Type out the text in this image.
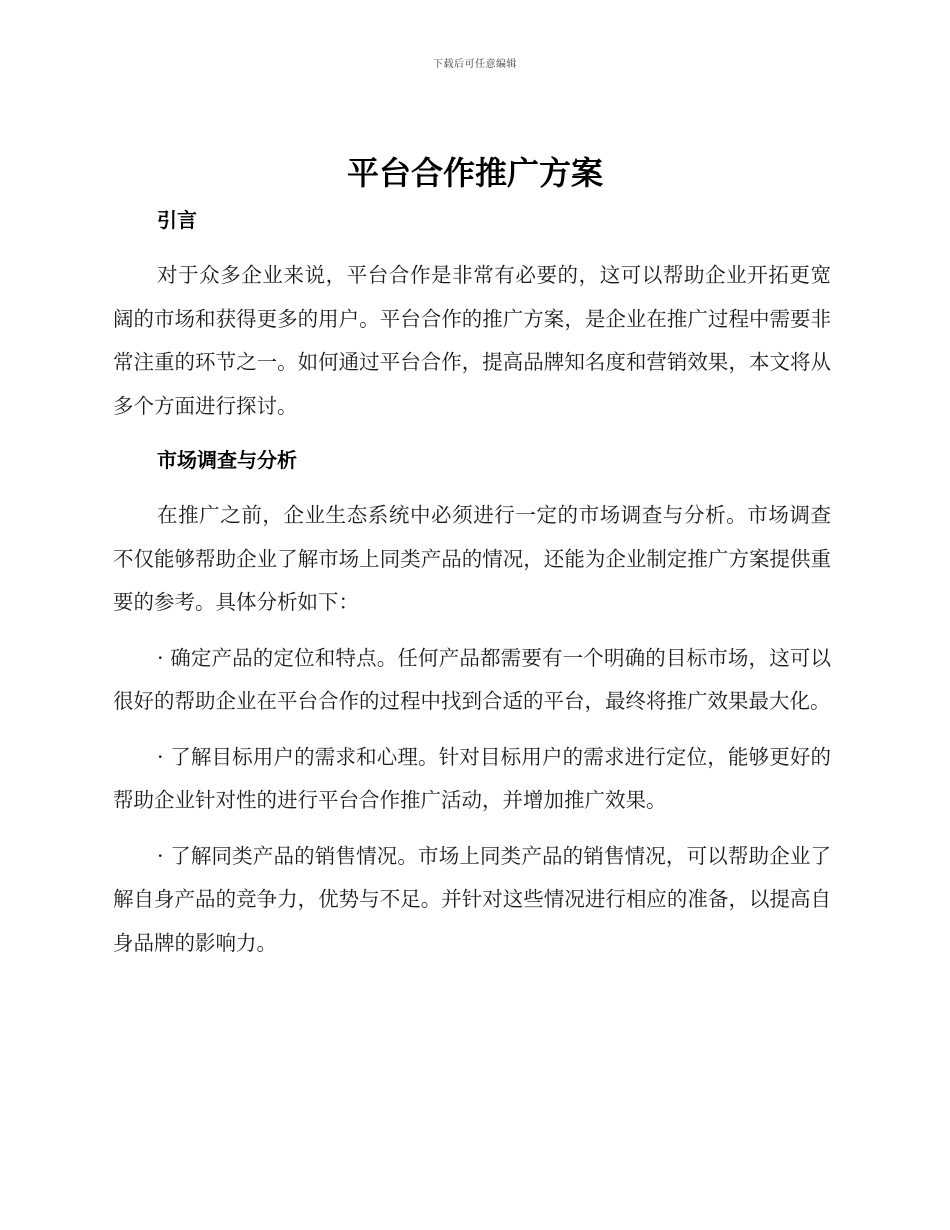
下载后可任意编辑
平台合作推广方案
引言

对于众多企业来说，平台合作是非常有必要的，这可以帮助企业开拓更宽阔的市场和获得更多的用户。平台合作的推广方案，是企业在推广过程中需要非常注重的环节之一。如何通过平台合作，提高品牌知名度和营销效果，本文将从多个方面进行探讨。

市场调查与分析

在推广之前，企业生态系统中必须进行一定的市场调查与分析。市场调查不仅能够帮助企业了解市场上同类产品的情况，还能为企业制定推广方案提供重要的参考。具体分析如下：

· 确定产品的定位和特点。任何产品都需要有一个明确的目标市场，这可以很好的帮助企业在平台合作的过程中找到合适的平台，最终将推广效果最大化。

· 了解目标用户的需求和心理。针对目标用户的需求进行定位，能够更好的帮助企业针对性的进行平台合作推广活动，并增加推广效果。

· 了解同类产品的销售情况。市场上同类产品的销售情况，可以帮助企业了解自身产品的竞争力，优势与不足。并针对这些情况进行相应的准备，以提高自身品牌的影响力。
